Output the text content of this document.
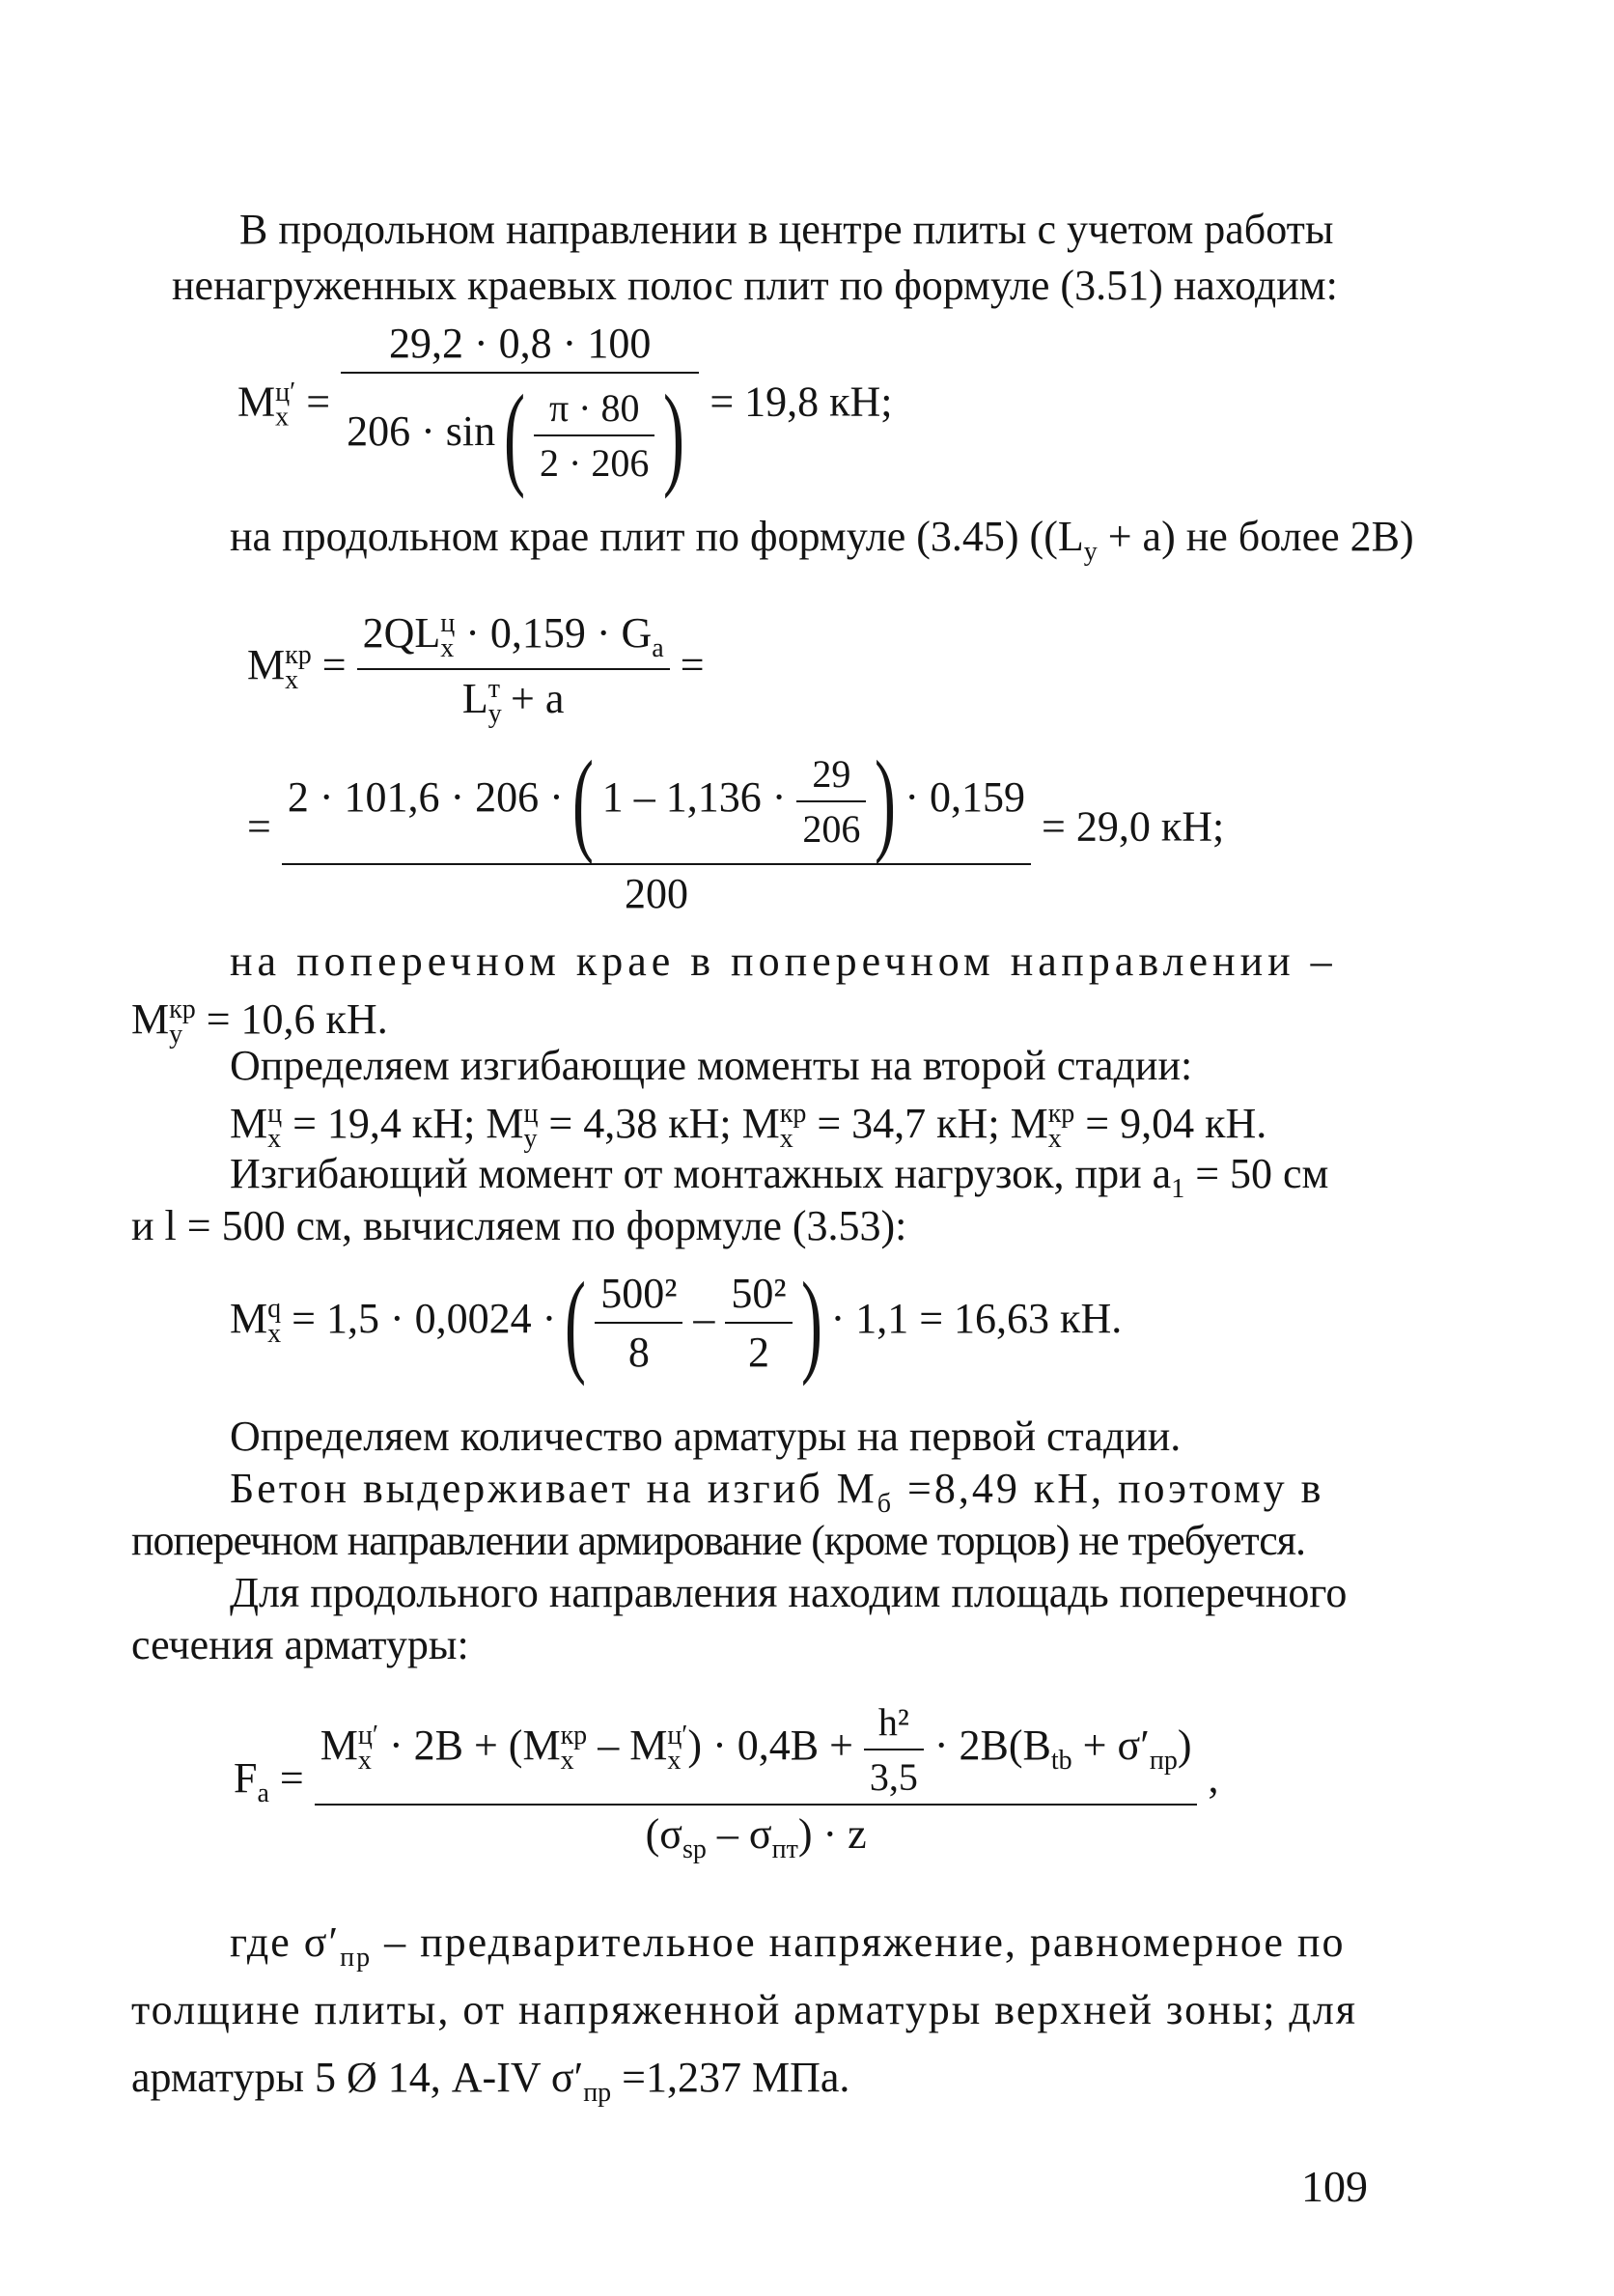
В продольном направлении в центре плиты с учетом работы
ненагруженных краевых полос плит по формуле (3.51) находим:
$M_x^{ц'} = \frac{29,2 \cdot 0,8 \cdot 100}{206 \cdot \sin( \frac{\pi \cdot 80}{2 \cdot 206} )} = 19,8$ кН;
на продольном крае плит по формуле (3.45) ($(L_y + a)$ не более 2В)
$M_x^{кр} = \frac{2QL_x^ц \cdot 0,159 \cdot G_a}{L_y^т + a}$ =
= $\frac{2 \cdot 101,6 \cdot 206 \cdot( 1 - 1,136 \cdot \frac{29}{206} ) \cdot 0,159}{200} = 29,0$ кН;
на поперечном крае в поперечном направлении –
$M_y^{кр} = 10,6$ кН.
Определяем изгибающие моменты на второй стадии:
$M_x^ц = 19,4$ кН; $M_y^ц = 4,38$ кН; $M_x^{кр} = 34,7$ кН; $M_x^{кр} = 9,04$ кН.
Изгибающий момент от монтажных нагрузок, при $a_1 = 50$ см
и l = 500 см, вычисляем по формуле (3.53):
$M_x^q = 1,5 \cdot 0,0024$ ·( $\frac{\text{500²}}{8} - \frac{\text{50²}}{2}$ ) · 1,1 = 16,63 кН.
Определяем количество арматуры на первой стадии.
Бетон выдерживает на изгиб $М_б =8,49$ кН, поэтому в
поперечном направлении армирование (кроме торцов) не требуется.
Для продольного направления находим площадь поперечного
сечения арматуры:
$F_a = \frac{M_x^{ц'} \cdot 2B + (M_x^{кр} - M_x^{ц'}) \cdot 0,4B + \frac{\text{h²}}{3,5} \cdot 2B(B_{tb} + \sigma'_{пр})}{(\sigma_{sp} - \sigma_{пт}) \cdot z}$ ,
где $\sigma'_{пр}$ – предварительное напряжение, равномерное по
толщине плиты, от напряженной арматуры верхней зоны; для
арматуры 5 Ø 14, А-IV $\sigma'_{пр} =1,237$ МПа.
109
